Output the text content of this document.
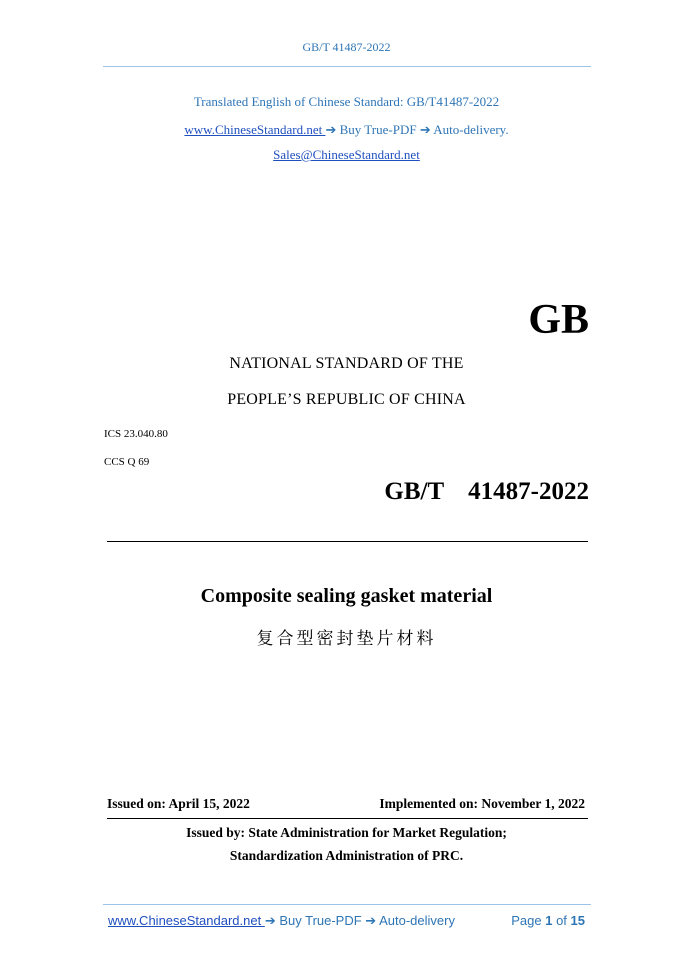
GB/T 41487-2022
Translated English of Chinese Standard: GB/T41487-2022
www.ChineseStandard.net ➔ Buy True-PDF ➔ Auto-delivery.
Sales@ChineseStandard.net
GB
NATIONAL STANDARD OF THE
PEOPLE’S REPUBLIC OF CHINA
ICS 23.040.80
CCS Q 69
GB/T  41487-2022
Composite sealing gasket material
复合型密封垫片材料
Issued on: April 15, 2022	Implemented on: November 1, 2022
Issued by: State Administration for Market Regulation;
Standardization Administration of PRC.
www.ChineseStandard.net ➔ Buy True-PDF ➔ Auto-delivery	Page 1 of 15
